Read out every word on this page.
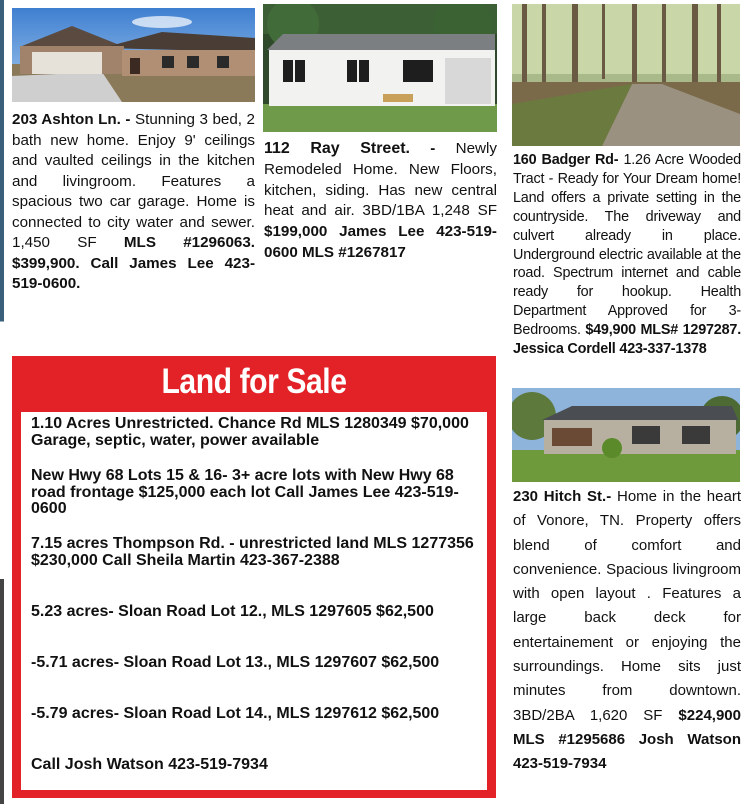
203 Ashton Ln. - Stunning 3 bed, 2 bath new home. Enjoy 9' ceilings and vaulted ceilings in the kitchen and livingroom. Features a spacious two car garage. Home is connected to city water and sewer. 1,450 SF MLS #1296063. $399,900. Call James Lee 423-519-0600.
112 Ray Street. - Newly Remodeled Home. New Floors, kitchen, siding. Has new central heat and air. 3BD/1BA 1,248 SF $199,000 James Lee 423-519-0600 MLS #1267817
160 Badger Rd- 1.26 Acre Wooded Tract - Ready for Your Dream home! Land offers a private setting in the countryside. The driveway and culvert already in place. Underground electric available at the road. Spectrum internet and cable ready for hookup. Health Department Approved for 3-Bedrooms. $49,900 MLS# 1297287. Jessica Cordell 423-337-1378
230 Hitch St.- Home in the heart of Vonore, TN. Property offers blend of comfort and convenience. Spacious livingroom with open layout . Features a large back deck for entertainement or enjoying the surroundings. Home sits just minutes from downtown. 3BD/2BA 1,620 SF $224,900 MLS #1295686 Josh Watson 423-519-7934
Land for Sale

1.10 Acres Unrestricted. Chance Rd MLS 1280349 $70,000 Garage, septic, water, power available

New Hwy 68 Lots 15 & 16- 3+ acre lots with New Hwy 68 road frontage $125,000 each lot Call James Lee 423-519-0600

7.15 acres Thompson Rd. - unrestricted land MLS 1277356 $230,000 Call Sheila Martin 423-367-2388

5.23 acres- Sloan Road Lot 12., MLS 1297605 $62,500

-5.71 acres- Sloan Road Lot 13., MLS 1297607 $62,500

-5.79 acres- Sloan Road Lot 14., MLS 1297612 $62,500

Call Josh Watson 423-519-7934
